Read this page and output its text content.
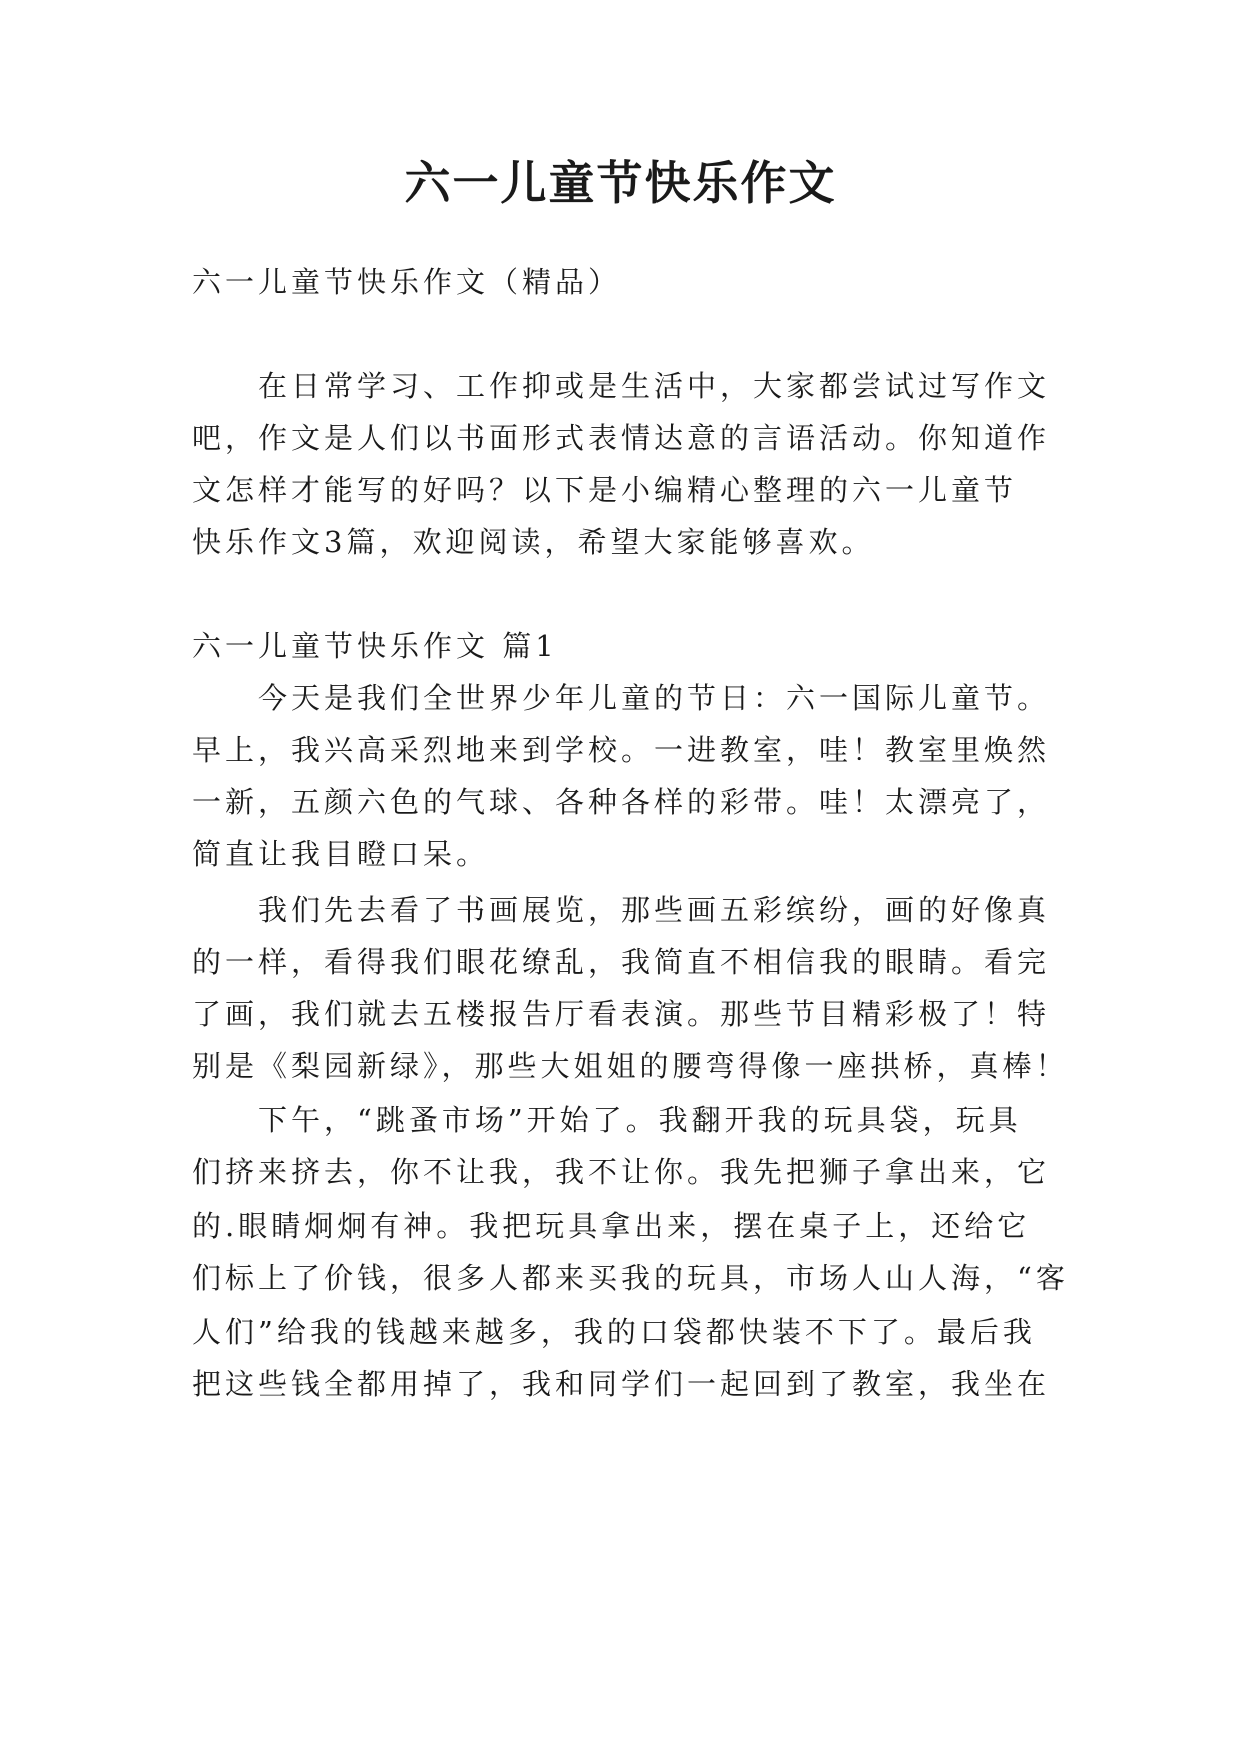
六一儿童节快乐作文

六一儿童节快乐作文（精品）

在日常学习、工作抑或是生活中，大家都尝试过写作文

吧，作文是人们以书面形式表情达意的言语活动。你知道作

文怎样才能写的好吗？以下是小编精心整理的六一儿童节

快乐作文3篇，欢迎阅读，希望大家能够喜欢。

六一儿童节快乐作文 篇1

今天是我们全世界少年儿童的节日：六一国际儿童节。

早上，我兴高采烈地来到学校。一进教室，哇！教室里焕然

一新，五颜六色的气球、各种各样的彩带。哇！太漂亮了，

简直让我目瞪口呆。

我们先去看了书画展览，那些画五彩缤纷，画的好像真

的一样，看得我们眼花缭乱，我简直不相信我的眼睛。看完

了画，我们就去五楼报告厅看表演。那些节目精彩极了！特

别是《梨园新绿》，那些大姐姐的腰弯得像一座拱桥，真棒！

下午，“跳蚤市场”开始了。我翻开我的玩具袋，玩具

们挤来挤去，你不让我，我不让你。我先把狮子拿出来，它

的.眼睛炯炯有神。我把玩具拿出来，摆在桌子上，还给它

们标上了价钱，很多人都来买我的玩具，市场人山人海，“客

人们”给我的钱越来越多，我的口袋都快装不下了。最后我

把这些钱全都用掉了，我和同学们一起回到了教室，我坐在
